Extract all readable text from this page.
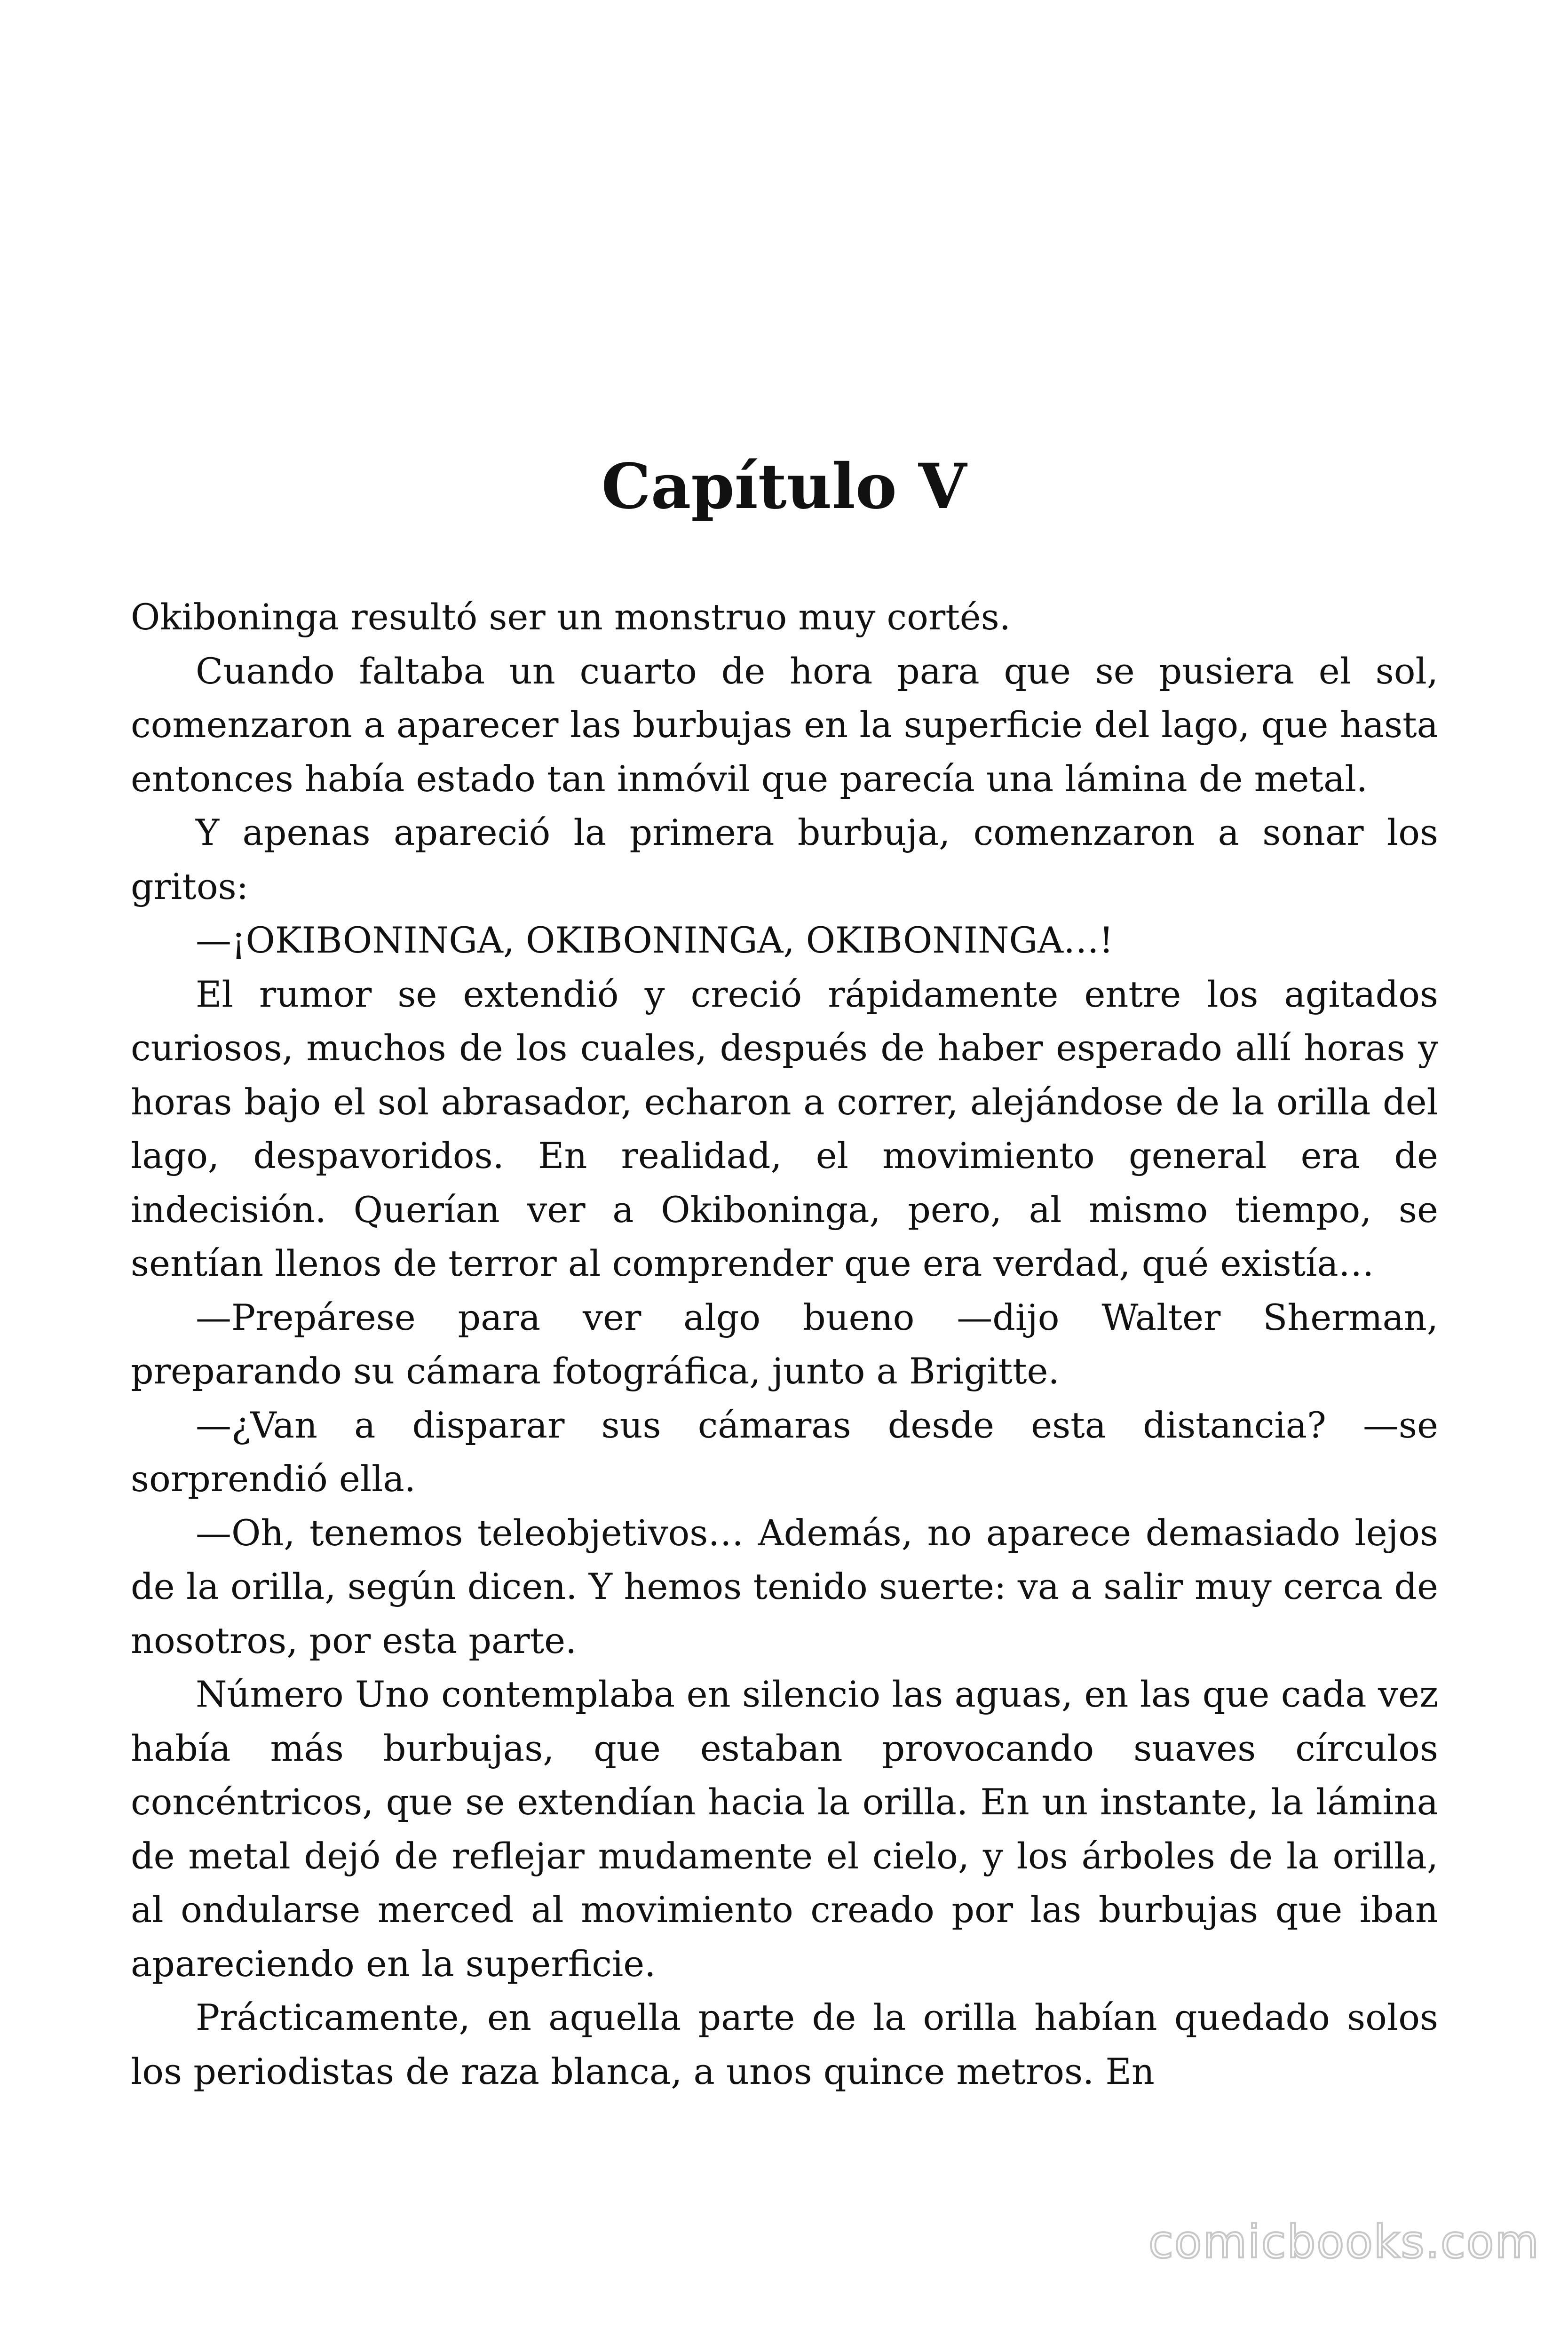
Capítulo V

Okiboninga resultó ser un monstruo muy cortés.

Cuando faltaba un cuarto de hora para que se pusiera el sol, comenzaron a aparecer las burbujas en la superficie del lago, que hasta entonces había estado tan inmóvil que parecía una lámina de metal.

Y apenas apareció la primera burbuja, comenzaron a sonar los gritos:

—¡OKIBONINGA, OKIBONINGA, OKIBONINGA…!

El rumor se extendió y creció rápidamente entre los agitados curiosos, muchos de los cuales, después de haber esperado allí horas y horas bajo el sol abrasador, echaron a correr, alejándose de la orilla del lago, despavoridos. En realidad, el movimiento general era de indecisión. Querían ver a Okiboninga, pero, al mismo tiempo, se sentían llenos de terror al comprender que era verdad, qué existía…

—Prepárese para ver algo bueno —dijo Walter Sherman, preparando su cámara fotográfica, junto a Brigitte.

—¿Van a disparar sus cámaras desde esta distancia? —se sorprendió ella.

—Oh, tenemos teleobjetivos… Además, no aparece demasiado lejos de la orilla, según dicen. Y hemos tenido suerte: va a salir muy cerca de nosotros, por esta parte.

Número Uno contemplaba en silencio las aguas, en las que cada vez había más burbujas, que estaban provocando suaves círculos concéntricos, que se extendían hacia la orilla. En un instante, la lámina de metal dejó de reflejar mudamente el cielo, y los árboles de la orilla, al ondularse merced al movimiento creado por las burbujas que iban apareciendo en la superficie.

Prácticamente, en aquella parte de la orilla habían quedado solos los periodistas de raza blanca, a unos quince metros. En

comicbooks.com
